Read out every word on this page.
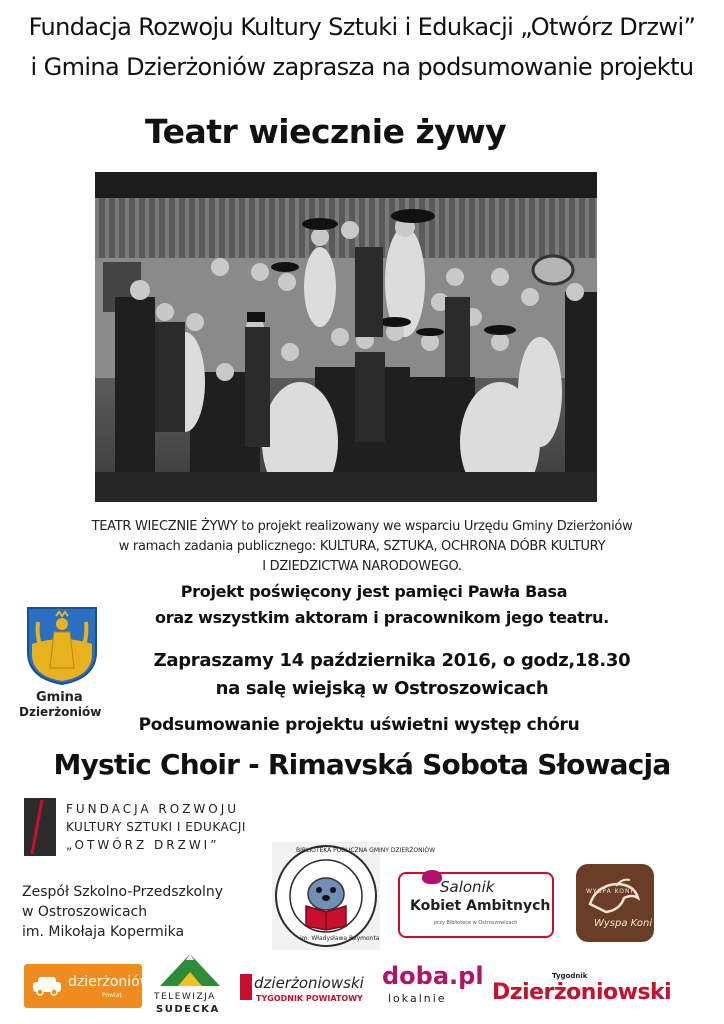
Fundacja Rozwoju Kultury Sztuki i Edukacji „Otwórz Drzwi”
i Gmina Dzierżoniów zaprasza na podsumowanie projektu
Teatr wiecznie żywy
TEATR WIECZNIE ŻYWY to projekt realizowany we wsparciu Urzędu Gminy Dzierżoniów
w ramach zadania publicznego: KULTURA, SZTUKA, OCHRONA DÓBR KULTURY
I DZIEDZICTWA NARODOWEGO.
Projekt poświęcony jest pamięci Pawła Basa
oraz wszystkim aktoram i pracownikom jego teatru.
Zapraszamy 14 października 2016, o godz,18.30
na salę wiejską w Ostroszowicach
Podsumowanie projektu uświetni występ chóru
Mystic Choir - Rimavská Sobota Słowacja
Gmina
Dzierżoniów
FUNDACJA ROZWOJU
KULTURY SZTUKI I EDUKACJI
„OTWÓRZ DRZWI”
Zespół Szkolno-Przedszkolny
w Ostroszowicach
im. Mikołaja Kopermika
BIBLIOTEKA PUBLICZNA GMINY DZIERŻONIÓW
im. Władysława Reymonta
Salonik
Kobiet Ambitnych
przy Bibliotece w Ostroszowicach
WYSPA KONI
Wyspa Koni
dzierżoniów
Powiat	TELEWIZJA
SUDECKA
dzierżoniowski
TYGODNIK POWIATOWY
doba.pl
lokalnie
Tygodnik
Dzierżoniowski
